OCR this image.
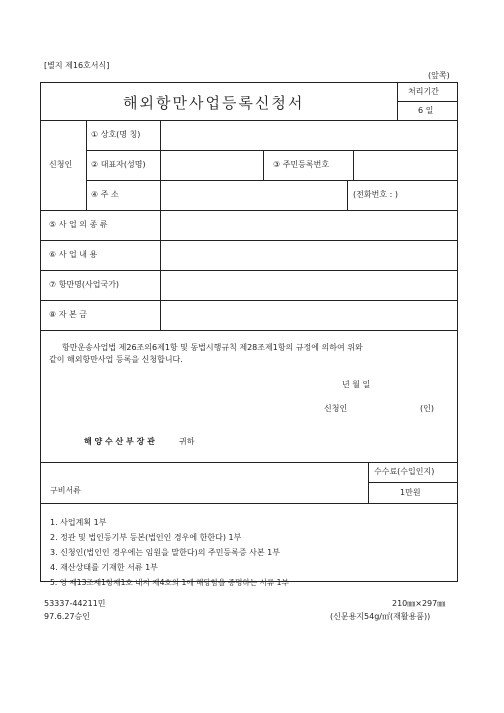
[별지 제16호서식]
(앞쪽)
해외항만사업등록신청서
처리기간
6 일
신청인
① 상호(명 칭)
② 대표자(성명)	③ 주민등록번호
④ 주 소	(전화번호 : )
⑤ 사 업 의 종 류
⑥ 사 업 내 용
⑦ 항만명(사업국가)
⑧ 자 본 금
항만운송사업법 제26조의6제1항 및 동법시행규칙 제28조제1항의 규정에 의하여 위와
같이 해외항만사업 등록을 신청합니다.
년 월 일
신청인	(인)
해 양 수 산 부 장 관	귀하
구비서류
수수료(수입인지)
1만원
1. 사업계획 1부
2. 정관 및 법인등기부 등본(법인인 경우에 한한다) 1부
3. 신청인(법인인 경우에는 임원을 말한다)의 주민등록증 사본 1부
4. 재산상태를 기재한 서류 1부
5. 영 제13조제1항제1호 내지 제4호의 1에 해당함을 증명하는 서류 1부
53337-44211민
97.6.27승인
210㎜×297㎜
(신문용지54g/㎡(재활용품))
